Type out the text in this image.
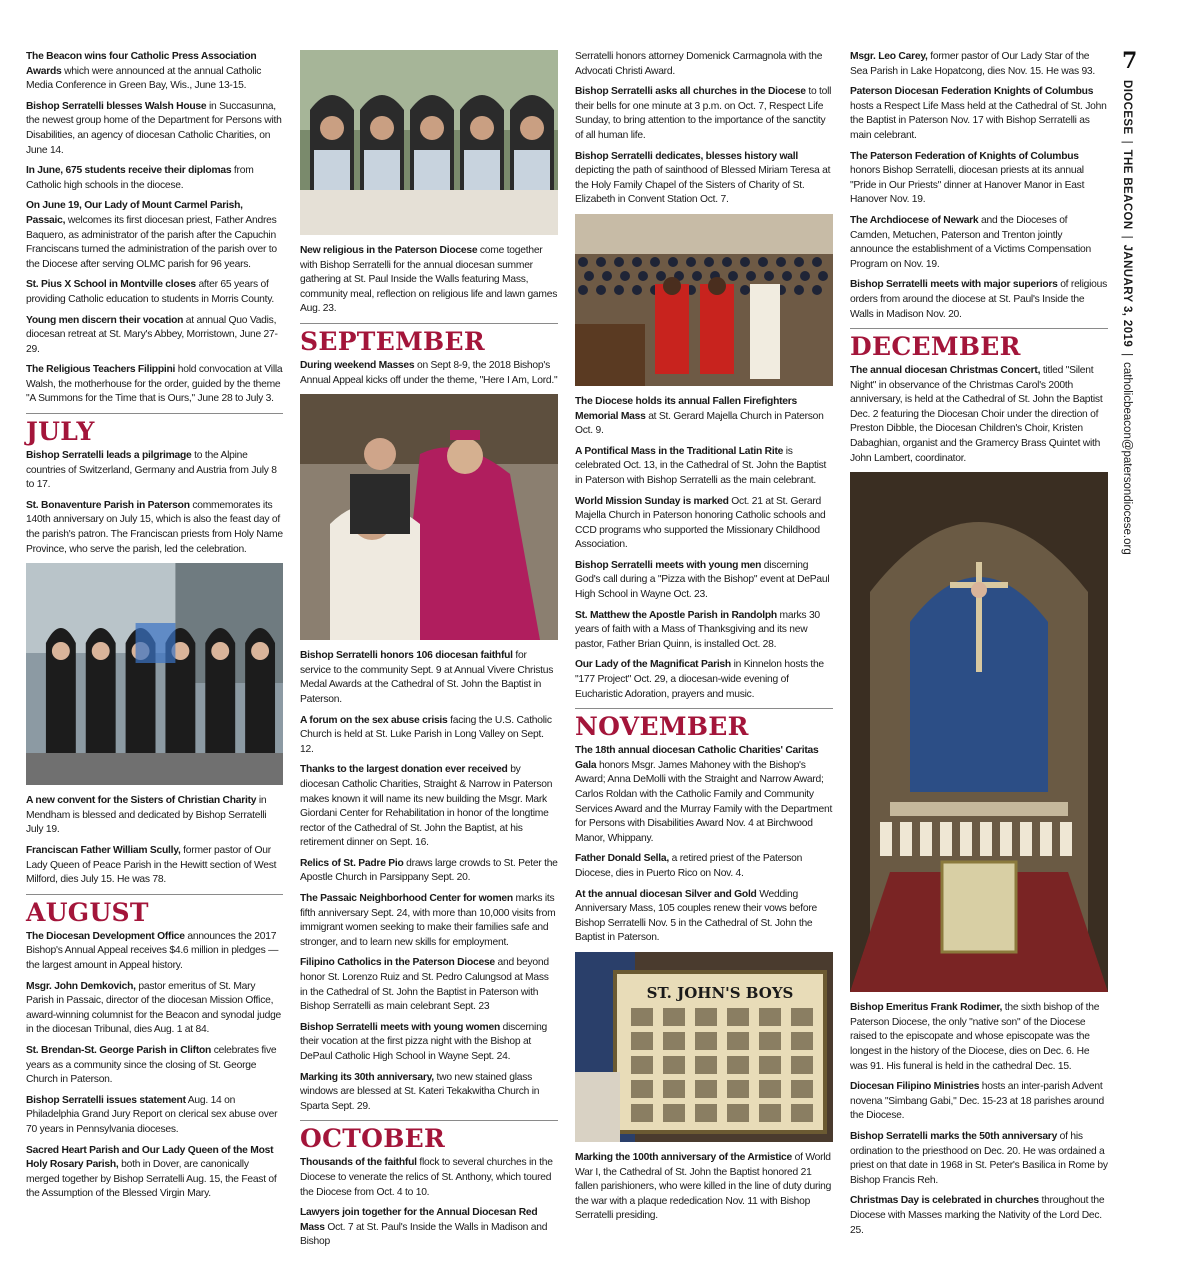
7
DIOCESE|THE BEACON|JANUARY 3, 2019|catholicbeacon@patersondiocese.org

The Beacon wins four Catholic Press Association Awards which were announced at the annual Catholic Media Conference in Green Bay, Wis., June 13-15.

Bishop Serratelli blesses Walsh House in Succasunna, the newest group home of the Department for Persons with Disabilities, an agency of diocesan Catholic Charities, on June 14.

In June, 675 students receive their diplomas from Catholic high schools in the diocese.

On June 19, Our Lady of Mount Carmel Parish, Passaic, welcomes its first diocesan priest, Father Andres Baquero, as administrator of the parish after the Capuchin Franciscans turned the administration of the parish over to the Diocese after serving OLMC parish for 96 years.

St. Pius X School in Montville closes after 65 years of providing Catholic education to students in Morris County.

Young men discern their vocation at annual Quo Vadis, diocesan retreat at St. Mary's Abbey, Morristown, June 27-29.

The Religious Teachers Filippini hold convocation at Villa Walsh, the motherhouse for the order, guided by the theme "A Summons for the Time that is Ours," June 28 to July 3.

JULY

Bishop Serratelli leads a pilgrimage to the Alpine countries of Switzerland, Germany and Austria from July 8 to 17.

St. Bonaventure Parish in Paterson commemorates its 140th anniversary on July 15, which is also the feast day of the parish's patron. The Franciscan priests from Holy Name Province, who serve the parish, led the celebration.

A new convent for the Sisters of Christian Charity in Mendham is blessed and dedicated by Bishop Serratelli July 19.

Franciscan Father William Scully, former pastor of Our Lady Queen of Peace Parish in the Hewitt section of West Milford, dies July 15. He was 78.

AUGUST

The Diocesan Development Office announces the 2017 Bishop's Annual Appeal receives $4.6 million in pledges — the largest amount in Appeal history.

Msgr. John Demkovich, pastor emeritus of St. Mary Parish in Passaic, director of the diocesan Mission Office, award-winning columnist for the Beacon and synodal judge in the diocesan Tribunal, dies Aug. 1 at 84.

St. Brendan-St. George Parish in Clifton celebrates five years as a community since the closing of St. George Church in Paterson.

Bishop Serratelli issues statement Aug. 14 on Philadelphia Grand Jury Report on clerical sex abuse over 70 years in Pennsylvania dioceses.

Sacred Heart Parish and Our Lady Queen of the Most Holy Rosary Parish, both in Dover, are canonically merged together by Bishop Serratelli Aug. 15, the Feast of the Assumption of the Blessed Virgin Mary.

New religious in the Paterson Diocese come together with Bishop Serratelli for the annual diocesan summer gathering at St. Paul Inside the Walls featuring Mass, community meal, reflection on religious life and lawn games Aug. 23.

SEPTEMBER

During weekend Masses on Sept 8-9, the 2018 Bishop's Annual Appeal kicks off under the theme, "Here I Am, Lord."

Bishop Serratelli honors 106 diocesan faithful for service to the community Sept. 9 at Annual Vivere Christus Medal Awards at the Cathedral of St. John the Baptist in Paterson.

A forum on the sex abuse crisis facing the U.S. Catholic Church is held at St. Luke Parish in Long Valley on Sept. 12.

Thanks to the largest donation ever received by diocesan Catholic Charities, Straight & Narrow in Paterson makes known it will name its new building the Msgr. Mark Giordani Center for Rehabilitation in honor of the longtime rector of the Cathedral of St. John the Baptist, at his retirement dinner on Sept. 16.

Relics of St. Padre Pio draws large crowds to St. Peter the Apostle Church in Parsippany Sept. 20.

The Passaic Neighborhood Center for women marks its fifth anniversary Sept. 24, with more than 10,000 visits from immigrant women seeking to make their families safe and stronger, and to learn new skills for employment.

Filipino Catholics in the Paterson Diocese and beyond honor St. Lorenzo Ruiz and St. Pedro Calungsod at Mass in the Cathedral of St. John the Baptist in Paterson with Bishop Serratelli as main celebrant Sept. 23

Bishop Serratelli meets with young women discerning their vocation at the first pizza night with the Bishop at DePaul Catholic High School in Wayne Sept. 24.

Marking its 30th anniversary, two new stained glass windows are blessed at St. Kateri Tekakwitha Church in Sparta Sept. 29.

OCTOBER

Thousands of the faithful flock to several churches in the Diocese to venerate the relics of St. Anthony, which toured the Diocese from Oct. 4 to 10.

Lawyers join together for the Annual Diocesan Red Mass Oct. 7 at St. Paul's Inside the Walls in Madison and Bishop

Serratelli honors attorney Domenick Carmagnola with the Advocati Christi Award.

Bishop Serratelli asks all churches in the Diocese to toll their bells for one minute at 3 p.m. on Oct. 7, Respect Life Sunday, to bring attention to the importance of the sanctity of all human life.

Bishop Serratelli dedicates, blesses history wall depicting the path of sainthood of Blessed Miriam Teresa at the Holy Family Chapel of the Sisters of Charity of St. Elizabeth in Convent Station Oct. 7.

The Diocese holds its annual Fallen Firefighters Memorial Mass at St. Gerard Majella Church in Paterson Oct. 9.

A Pontifical Mass in the Traditional Latin Rite is celebrated Oct. 13, in the Cathedral of St. John the Baptist in Paterson with Bishop Serratelli as the main celebrant.

World Mission Sunday is marked Oct. 21 at St. Gerard Majella Church in Paterson honoring Catholic schools and CCD programs who supported the Missionary Childhood Association.

Bishop Serratelli meets with young men discerning God's call during a "Pizza with the Bishop" event at DePaul High School in Wayne Oct. 23.

St. Matthew the Apostle Parish in Randolph marks 30 years of faith with a Mass of Thanksgiving and its new pastor, Father Brian Quinn, is installed Oct. 28.

Our Lady of the Magnificat Parish in Kinnelon hosts the "177 Project" Oct. 29, a diocesan-wide evening of Eucharistic Adoration, prayers and music.

NOVEMBER

The 18th annual diocesan Catholic Charities' Caritas Gala honors Msgr. James Mahoney with the Bishop's Award; Anna DeMolli with the Straight and Narrow Award; Carlos Roldan with the Catholic Family and Community Services Award and the Murray Family with the Department for Persons with Disabilities Award Nov. 4 at Birchwood Manor, Whippany.

Father Donald Sella, a retired priest of the Paterson Diocese, dies in Puerto Rico on Nov. 4.

At the annual diocesan Silver and Gold Wedding Anniversary Mass, 105 couples renew their vows before Bishop Serratelli Nov. 5 in the Cathedral of St. John the Baptist in Paterson.

ST. JOHN'S BOYS

Marking the 100th anniversary of the Armistice of World War I, the Cathedral of St. John the Baptist honored 21 fallen parishioners, who were killed in the line of duty during the war with a plaque rededication Nov. 11 with Bishop Serratelli presiding.

Msgr. Leo Carey, former pastor of Our Lady Star of the Sea Parish in Lake Hopatcong, dies Nov. 15. He was 93.

Paterson Diocesan Federation Knights of Columbus hosts a Respect Life Mass held at the Cathedral of St. John the Baptist in Paterson Nov. 17 with Bishop Serratelli as main celebrant.

The Paterson Federation of Knights of Columbus honors Bishop Serratelli, diocesan priests at its annual "Pride in Our Priests" dinner at Hanover Manor in East Hanover Nov. 19.

The Archdiocese of Newark and the Dioceses of Camden, Metuchen, Paterson and Trenton jointly announce the establishment of a Victims Compensation Program on Nov. 19.

Bishop Serratelli meets with major superiors of religious orders from around the diocese at St. Paul's Inside the Walls in Madison Nov. 20.

DECEMBER

The annual diocesan Christmas Concert, titled "Silent Night" in observance of the Christmas Carol's 200th anniversary, is held at the Cathedral of St. John the Baptist Dec. 2 featuring the Diocesan Choir under the direction of Preston Dibble, the Diocesan Children's Choir, Kristen Dabaghian, organist and the Gramercy Brass Quintet with John Lambert, coordinator.

Bishop Emeritus Frank Rodimer, the sixth bishop of the Paterson Diocese, the only "native son" of the Diocese raised to the episcopate and whose episcopate was the longest in the history of the Diocese, dies on Dec. 6. He was 91. His funeral is held in the cathedral Dec. 15.

Diocesan Filipino Ministries hosts an inter-parish Advent novena "Simbang Gabi," Dec. 15-23 at 18 parishes around the Diocese.

Bishop Serratelli marks the 50th anniversary of his ordination to the priesthood on Dec. 20. He was ordained a priest on that date in 1968 in St. Peter's Basilica in Rome by Bishop Francis Reh.

Christmas Day is celebrated in churches throughout the Diocese with Masses marking the Nativity of the Lord Dec. 25.
